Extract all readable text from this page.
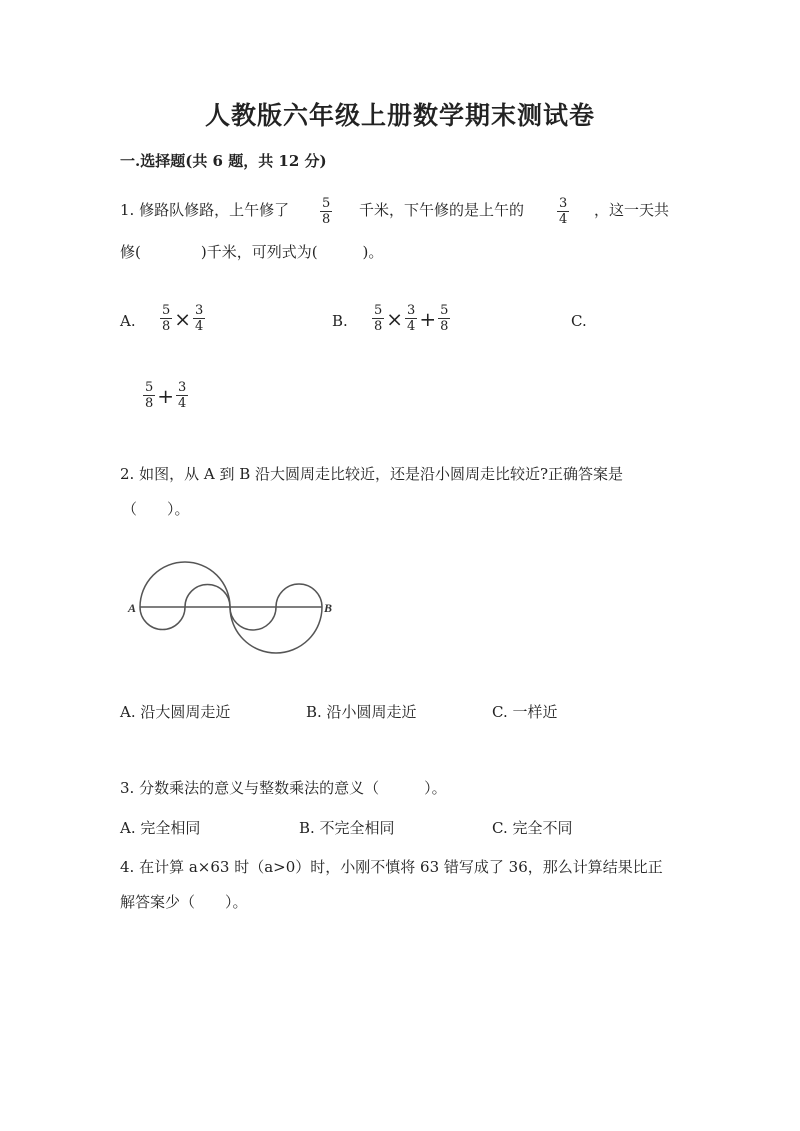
人教版六年级上册数学期末测试卷
一.选择题(共 6 题，共 12 分)
1. 修路队修路，上午修了 $\frac{5}{8}$ 千米，下午修的是上午的	$\frac{3}{4}$ ，这一天共
修(　　　　)千米，可列式为(　　　)。
A. $\frac{5}{8} \times \frac{3}{4}$	B. $\frac{5}{8} \times \frac{3}{4} + \frac{5}{8}$	C.
$\frac{5}{8} + \frac{3}{4}$
2. 如图，从 A 到 B 沿大圆周走比较近，还是沿小圆周走比较近?正确答案是
（　　）。
A	B
A. 沿大圆周走近	B. 沿小圆周走近	C. 一样近
3. 分数乘法的意义与整数乘法的意义（　　　）。
A. 完全相同	B. 不完全相同	C. 完全不同
4. 在计算 a×63 时（a>0）时，小刚不慎将 63 错写成了 36，那么计算结果比正
解答案少（　　）。
